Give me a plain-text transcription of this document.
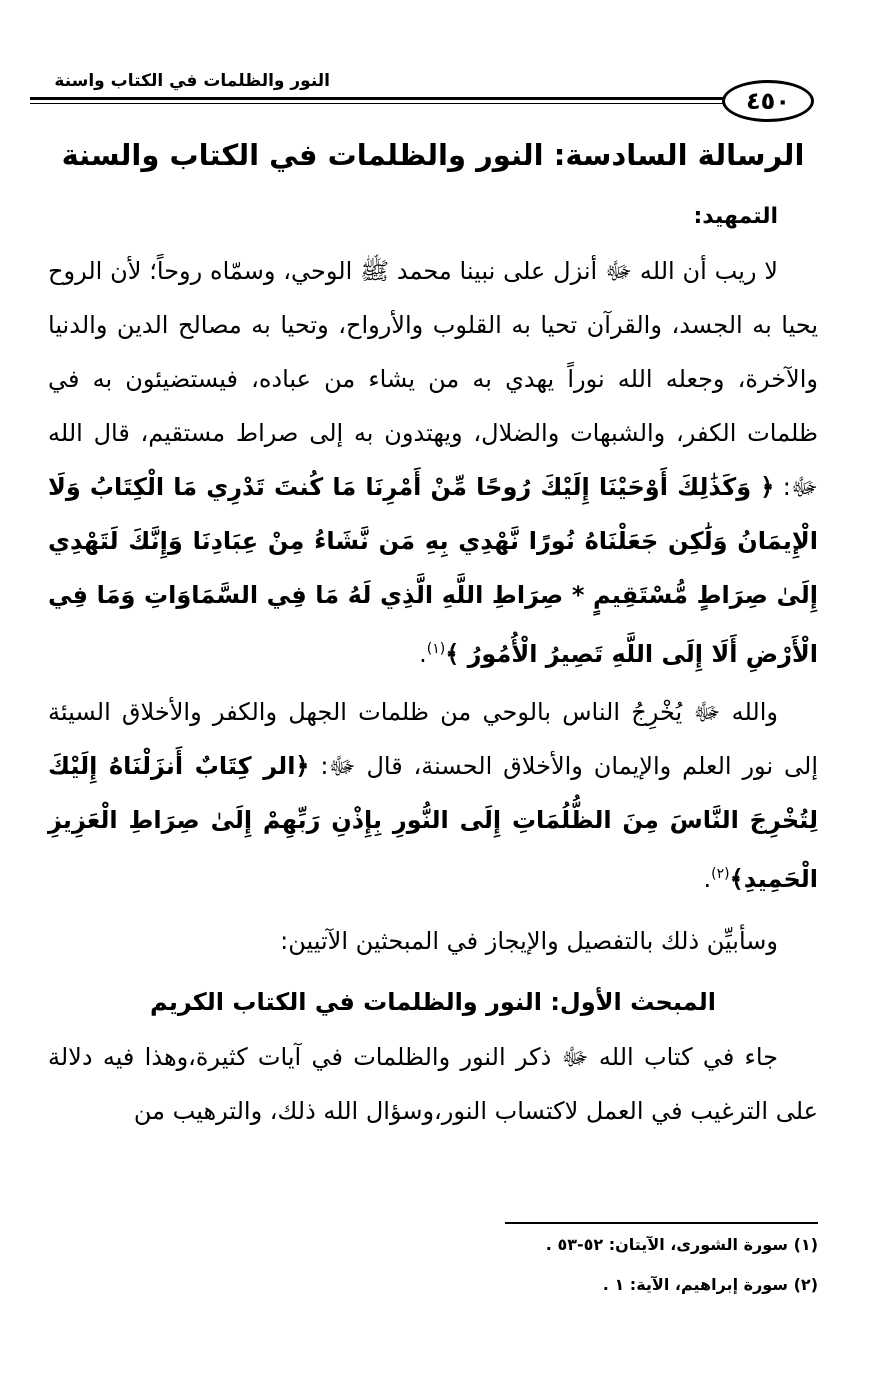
النور والظلمات في الكتاب واسنة
٤٥٠
الرسالة السادسة: النور والظلمات في الكتاب والسنة
التمهيد:

لا ريب أن الله ﷻ أنزل على نبينا محمد ﷺ الوحي، وسمّاه روحاً؛ لأن الروح يحيا به الجسد، والقرآن تحيا به القلوب والأرواح، وتحيا به مصالح الدين والدنيا والآخرة، وجعله الله نوراً يهدي به من يشاء من عباده، فيستضيئون به في ظلمات الكفر، والشبهات والضلال، ويهتدون به إلى صراط مستقيم، قال الله ﷻ: ﴿ وَكَذَٰلِكَ أَوْحَيْنَا إِلَيْكَ رُوحًا مِّنْ أَمْرِنَا مَا كُنتَ تَدْرِي مَا الْكِتَابُ وَلَا الْإِيمَانُ وَلَٰكِن جَعَلْنَاهُ نُورًا نَّهْدِي بِهِ مَن نَّشَاءُ مِنْ عِبَادِنَا وَإِنَّكَ لَتَهْدِي إِلَىٰ صِرَاطٍ مُّسْتَقِيمٍ * صِرَاطِ اللَّهِ الَّذِي لَهُ مَا فِي السَّمَاوَاتِ وَمَا فِي الْأَرْضِ أَلَا إِلَى اللَّهِ تَصِيرُ الْأُمُورُ ﴾$^{(١)}$.

والله ﷻ يُخْرِجُ الناس بالوحي من ظلمات الجهل والكفر والأخلاق السيئة إلى نور العلم والإيمان والأخلاق الحسنة، قال ﷻ: ﴿الر كِتَابٌ أَنزَلْنَاهُ إِلَيْكَ لِتُخْرِجَ النَّاسَ مِنَ الظُّلُمَاتِ إِلَى النُّورِ بِإِذْنِ رَبِّهِمْ إِلَىٰ صِرَاطِ الْعَزِيزِ الْحَمِيدِ﴾$^{(٢)}$.

وسأبيِّن ذلك بالتفصيل والإيجاز في المبحثين الآتيين:

المبحث الأول: النور والظلمات في الكتاب الكريم

جاء في كتاب الله ﷻ ذكر النور والظلمات في آيات كثيرة،وهذا فيه دلالة على الترغيب في العمل لاكتساب النور،وسؤال الله ذلك، والترهيب من

(١) سورة الشورى، الآيتان: ٥٢-٥٣ .
(٢) سورة إبراهيم، الآية: ١ .
